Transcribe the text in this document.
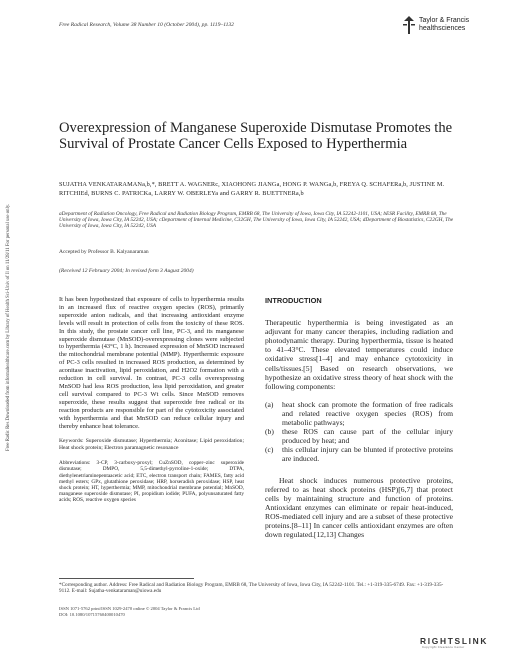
Free Radical Research, Volume 38 Number 10 (October 2004), pp. 1119–1132
Taylor & Francis
healthsciences
Free Radic Res Downloaded from informahealthcare.com by Library of Health Sci-Univ of Il on 11/28/11 For personal use only.
Overexpression of Manganese Superoxide Dismutase Promotes the Survival of Prostate Cancer Cells Exposed to Hyperthermia
SUJATHA VENKATARAMANa,b,*, BRETT A. WAGNERc, XIAOHONG JIANGa, HONG P. WANGa,b, FREYA Q. SCHAFERa,b, JUSTINE M. RITCHIEd, BURNS C. PATRICKa, LARRY W. OBERLEYa and GARRY R. BUETTNERa,b
aDepartment of Radiation Oncology, Free Radical and Radiation Biology Program, EMRB 68, The University of Iowa, Iowa City, IA 52242-1101, USA; bESR Facility, EMRB 68, The University of Iowa, Iowa City, IA 52242, USA; cDepartment of Internal Medicine, C32GH, The University of Iowa, Iowa City, IA 52242, USA; dDepartment of Biostatistics, C22GH, The University of Iowa, Iowa City, IA 52242, USA
Accepted by Professor B. Kalyanaraman
(Received 12 February 2004; In revised form 3 August 2004)

It has been hypothesized that exposure of cells to hyperthermia results in an increased flux of reactive oxygen species (ROS), primarily superoxide anion radicals, and that increasing antioxidant enzyme levels will result in protection of cells from the toxicity of these ROS. In this study, the prostate cancer cell line, PC-3, and its manganese superoxide dismutase (MnSOD)-overexpressing clones were subjected to hyperthermia (43°C, 1 h). Increased expression of MnSOD increased the mitochondrial membrane potential (MMP). Hyperthermic exposure of PC-3 cells resulted in increased ROS production, as determined by aconitase inactivation, lipid peroxidation, and H2O2 formation with a reduction in cell survival. In contrast, PC-3 cells overexpressing MnSOD had less ROS production, less lipid peroxidation, and greater cell survival compared to PC-3 Wt cells. Since MnSOD removes superoxide, these results suggest that superoxide free radical or its reaction products are responsible for part of the cytotoxicity associated with hyperthermia and that MnSOD can reduce cellular injury and thereby enhance heat tolerance.

Keywords: Superoxide dismutase; Hyperthermia; Aconitase; Lipid peroxidation; Heat shock protein; Electron paramagnetic resonance

Abbreviations: 3-CP, 3-carboxy-proxyl; CuZnSOD, copper–zinc superoxide dismutase; DMPO, 5,5-dimethyl-pyrroline-1-oxide; DTPA, diethylenetriaminepentaacetic acid; ETC, electron transport chain; FAMES, fatty acid methyl esters; GPx, glutathione peroxidase; HRP, horseradish peroxidase; HSP, heat shock protein; HT, hyperthermia; MMP, mitochondrial membrane potential; MnSOD, manganese superoxide dismutase; PI, propidium iodide; PUFA, polyunsaturated fatty acids; ROS, reactive oxygen species

INTRODUCTION

Therapeutic hyperthermia is being investigated as an adjuvant for many cancer therapies, including radiation and photodynamic therapy. During hyperthermia, tissue is heated to 41–43°C. These elevated temperatures could induce oxidative stress[1–4] and may enhance cytotoxicity in cells/tissues.[5] Based on research observations, we hypothesize an oxidative stress theory of heat shock with the following components:

(a) heat shock can promote the formation of free radicals and related reactive oxygen species (ROS) from metabolic pathways;
(b) these ROS can cause part of the cellular injury produced by heat; and
(c) this cellular injury can be blunted if protective proteins are induced.

Heat shock induces numerous protective proteins, referred to as heat shock proteins (HSP)[6,7] that protect cells by maintaining structure and function of proteins. Antioxidant enzymes can eliminate or repair heat-induced, ROS-mediated cell injury and are a subset of these protective proteins.[8–11] In cancer cells antioxidant enzymes are often down regulated.[12,13] Changes

*Corresponding author. Address: Free Radical and Radiation Biology Program, EMRB 68, The University of Iowa, Iowa City, IA 52242-1101. Tel.: +1-319-335-6749. Fax: +1-319-335-9112. E-mail: Sujatha-venkataraman@uiowa.edu
ISSN 1071-5762 print/ISSN 1029-2470 online © 2004 Taylor & Francis Ltd
DOI: 10.1080/10715760400010470
RIGHTSLINK
Copyright Clearance Center
